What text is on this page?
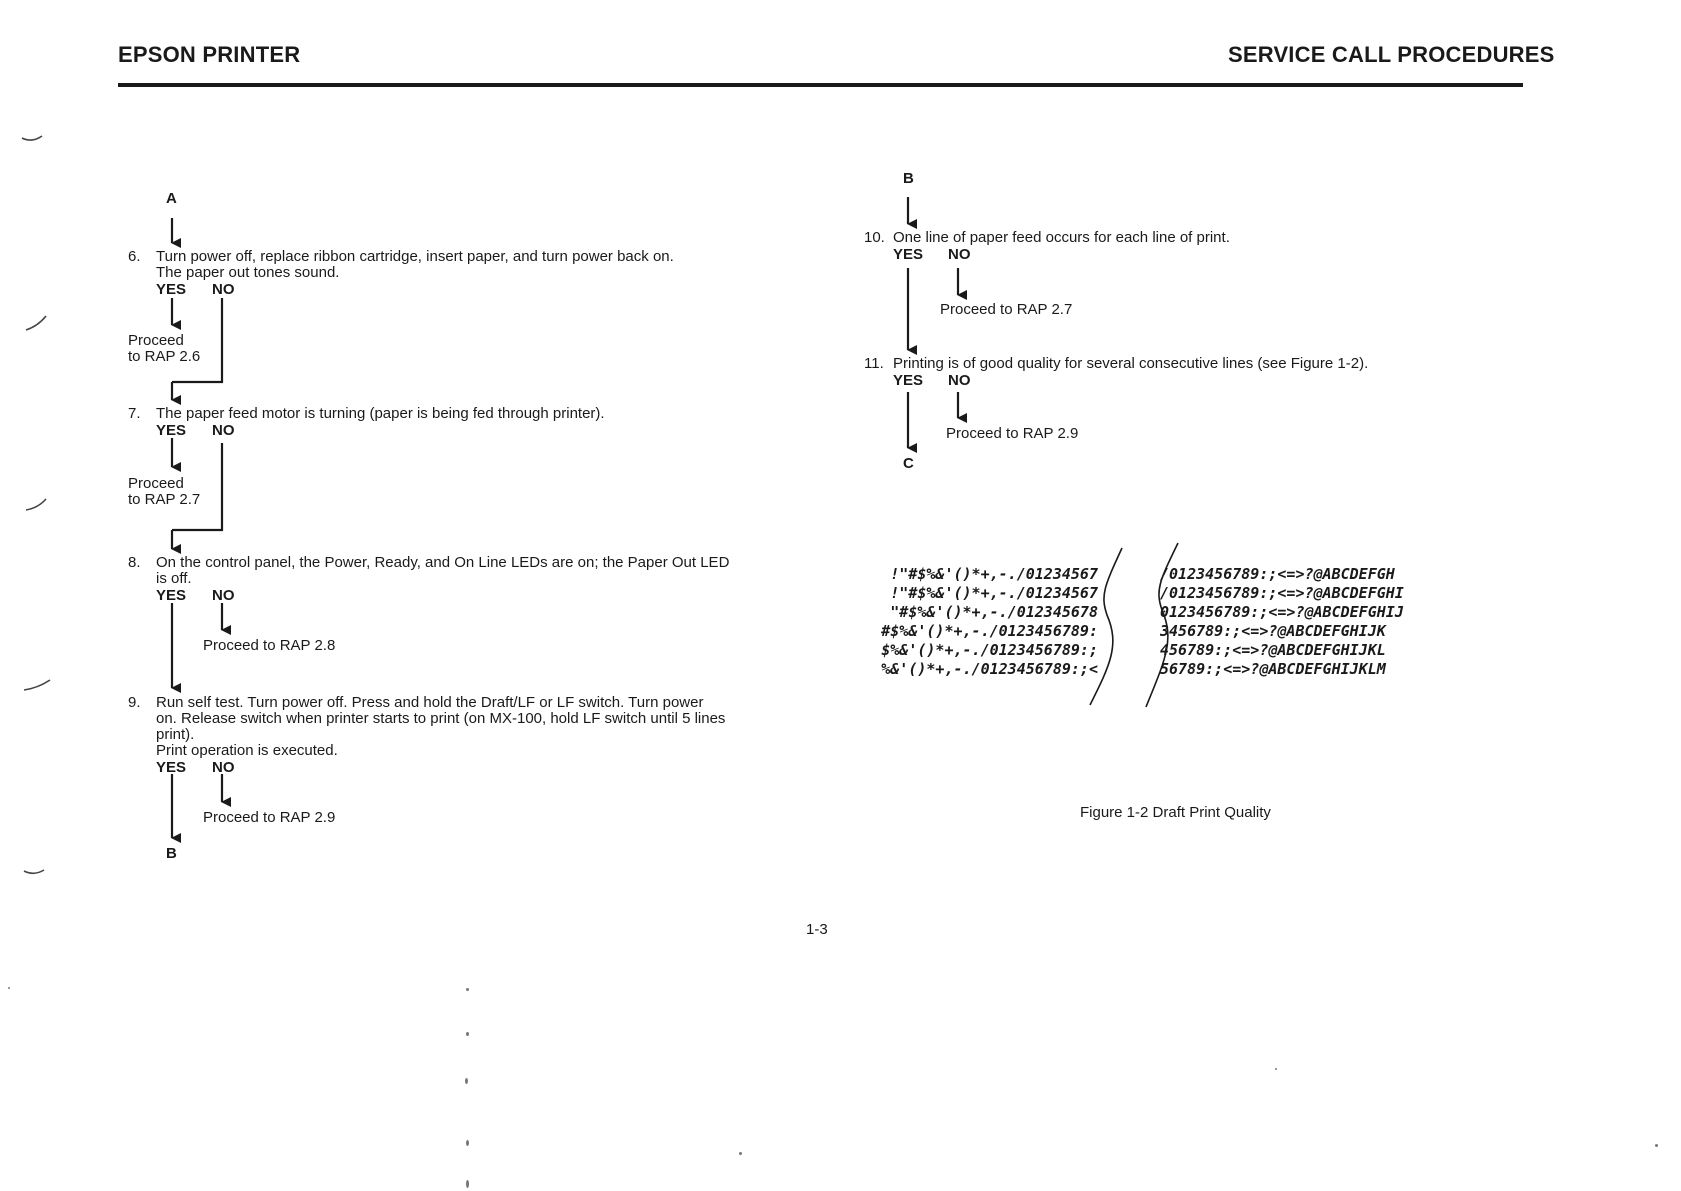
EPSON PRINTER	SERVICE CALL PROCEDURES
A
6. Turn power off, replace ribbon cartridge, insert paper, and turn power back on.
The paper out tones sound.
YES NO
Proceed
to RAP 2.6
7. The paper feed motor is turning (paper is being fed through printer).
YES NO
Proceed
to RAP 2.7
8. On the control panel, the Power, Ready, and On Line LEDs are on; the Paper Out LED
is off.
YES NO
Proceed to RAP 2.8
9. Run self test. Turn power off. Press and hold the Draft/LF or LF switch. Turn power
on. Release switch when printer starts to print (on MX-100, hold LF switch until 5 lines
print).
Print operation is executed.
YES NO
Proceed to RAP 2.9
B
B
10. One line of paper feed occurs for each line of print.
YES NO
Proceed to RAP 2.7
11. Printing is of good quality for several consecutive lines (see Figure 1-2).
YES NO
Proceed to RAP 2.9
C
!"#$%&'()*+,-./01234567
!"#$%&'()*+,-./01234567
"#$%&'()*+,-./012345678
#$%&'()*+,-./0123456789:
$%&'()*+,-./0123456789:;
%&'()*+,-./0123456789:;<
/0123456789:;<=>?@ABCDEFGH
/0123456789:;<=>?@ABCDEFGHI
0123456789:;<=>?@ABCDEFGHIJ
3456789:;<=>?@ABCDEFGHIJK
456789:;<=>?@ABCDEFGHIJKL
56789:;<=>?@ABCDEFGHIJKLM
Figure 1-2 Draft Print Quality
1-3
